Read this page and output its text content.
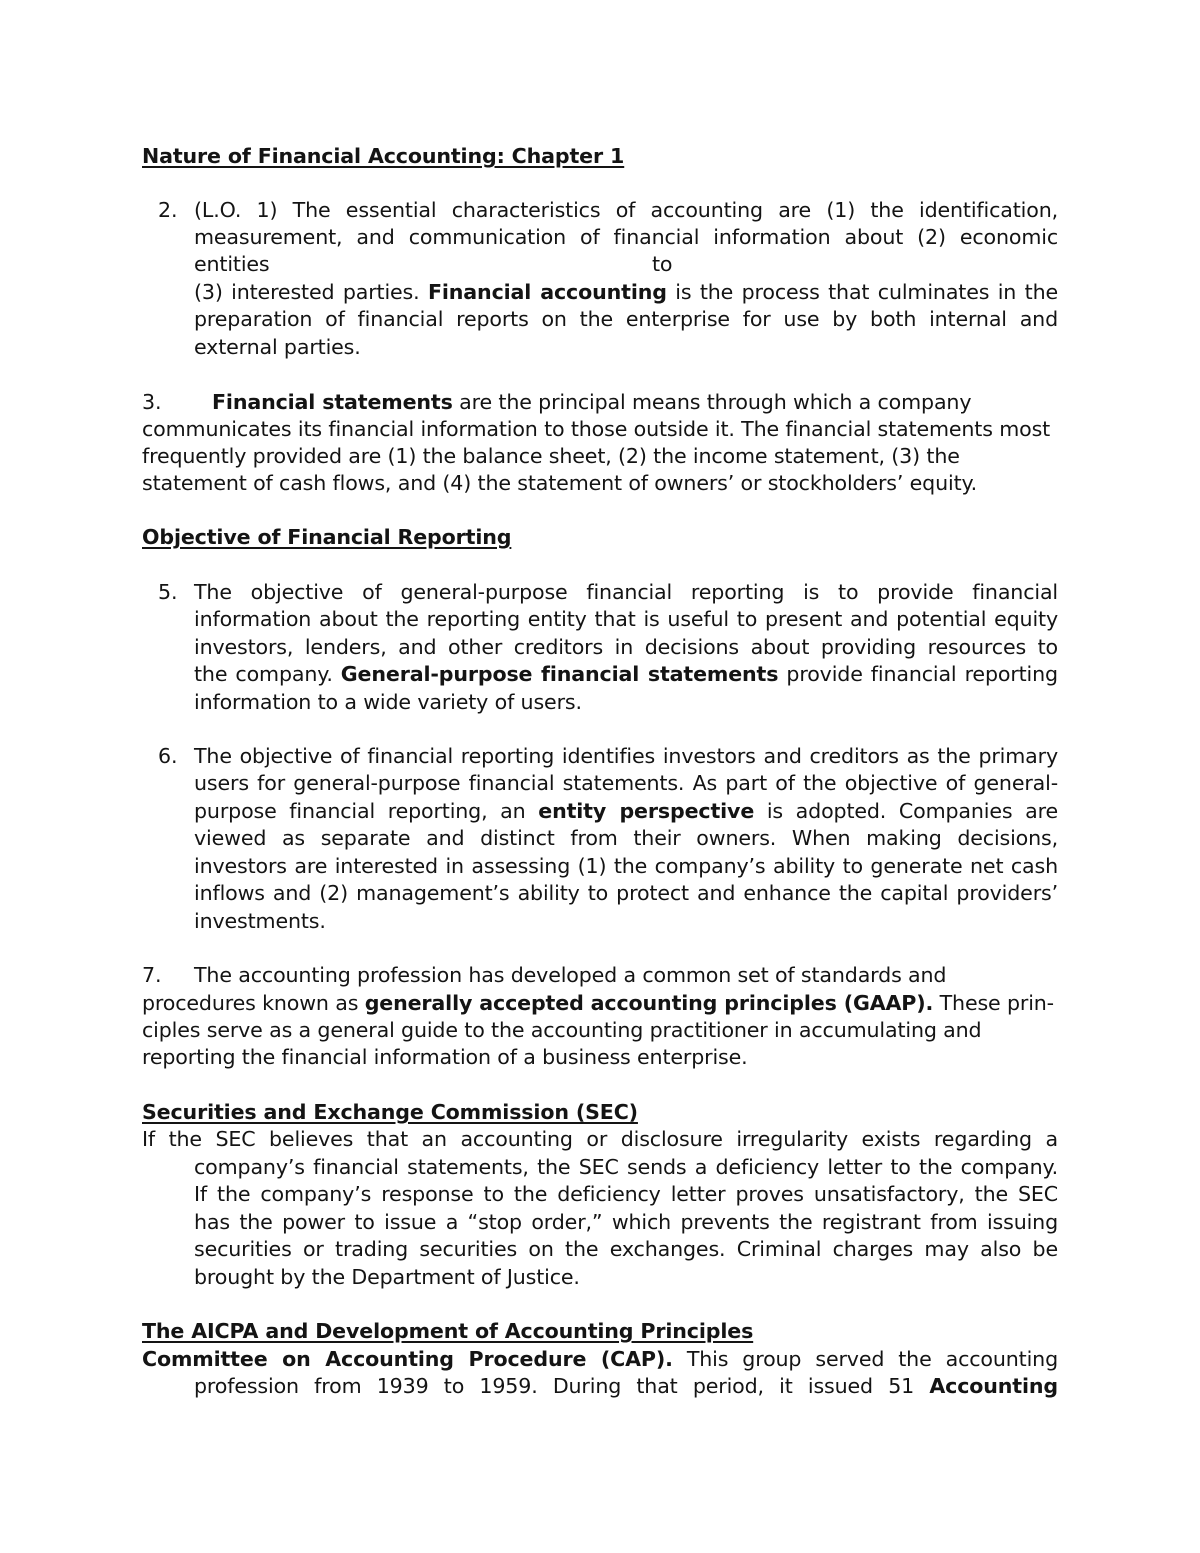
Nature of Financial Accounting: Chapter 1
2. (L.O. 1) The essential characteristics of accounting are (1) the identification,
measurement, and communication of financial information about (2) economic
entities	to
(3) interested parties. Financial accounting is the process that culminates in the
preparation of financial reports on the enterprise for use by both internal and
external parties.
3. Financial statements are the principal means through which a company
communicates its financial information to those outside it. The financial statements most
frequently provided are (1) the balance sheet, (2) the income statement, (3) the
statement of cash flows, and (4) the statement of owners’ or stockholders’ equity.
Objective of Financial Reporting
5. The objective of general-purpose financial reporting is to provide financial
information about the reporting entity that is useful to present and potential equity
investors, lenders, and other creditors in decisions about providing resources to
the company. General-purpose financial statements provide financial reporting
information to a wide variety of users.
6. The objective of financial reporting identifies investors and creditors as the primary
users for general-purpose financial statements. As part of the objective of general-
purpose financial reporting, an entity perspective is adopted. Companies are
viewed as separate and distinct from their owners. When making decisions,
investors are interested in assessing (1) the company’s ability to generate net cash
inflows and (2) management’s ability to protect and enhance the capital providers’
investments.
7. The accounting profession has developed a common set of standards and
procedures known as generally accepted accounting principles (GAAP). These prin-
ciples serve as a general guide to the accounting practitioner in accumulating and
reporting the financial information of a business enterprise.
Securities and Exchange Commission (SEC)
If the SEC believes that an accounting or disclosure irregularity exists regarding a
company’s financial statements, the SEC sends a deficiency letter to the company.
If the company’s response to the deficiency letter proves unsatisfactory, the SEC
has the power to issue a “stop order,” which prevents the registrant from issuing
securities or trading securities on the exchanges. Criminal charges may also be
brought by the Department of Justice.
The AICPA and Development of Accounting Principles
Committee on Accounting Procedure (CAP). This group served the accounting
profession from 1939 to 1959. During that period, it issued 51 Accounting
